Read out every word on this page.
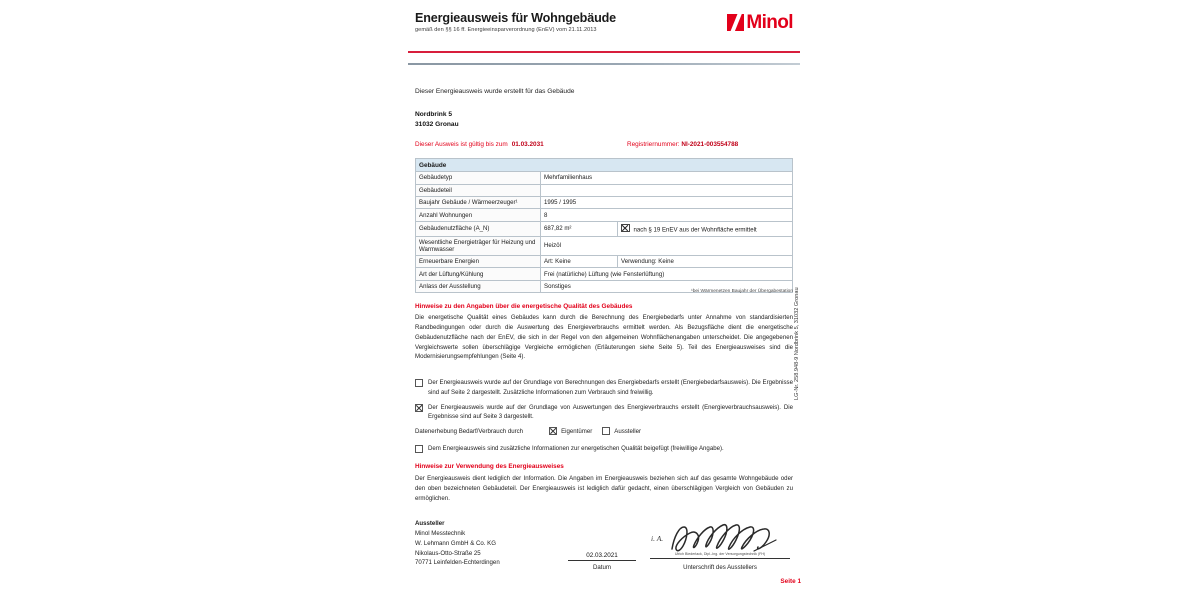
Energieausweis für Wohngebäude
gemäß den §§ 16 ff. Energieeinsparverordnung (EnEV) vom 21.11.2013	Minol
Dieser Energieausweis wurde erstellt für das Gebäude
Nordbrink 5
31032 Gronau
Dieser Ausweis ist gültig bis zum 01.03.2031	Registriernummer: NI-2021-003554788
Gebäude		
Gebäudetyp	Mehrfamilienhaus	
Gebäudeteil		
Baujahr Gebäude / Wärmeerzeuger¹	1995 / 1995	
Anzahl Wohnungen	8	
Gebäudenutzfläche (A_N)	687,82 m²	nach § 19 EnEV aus der Wohnfläche ermittelt
Wesentliche Energieträger für Heizung und Warmwasser	Heizöl	
Erneuerbare Energien	Art: Keine	Verwendung: Keine
Art der Lüftung/Kühlung	Frei (natürliche) Lüftung (wie Fensterlüftung)	
Anlass der Ausstellung	Sonstiges	
¹bei Wärmenetzen Baujahr der Übergabestation
Hinweise zu den Angaben über die energetische Qualität des Gebäudes
Die energetische Qualität eines Gebäudes kann durch die Berechnung des Energiebedarfs unter Annahme von standardisierten Randbedingungen oder durch die Auswertung des Energieverbrauchs ermittelt werden. Als Bezugsfläche dient die energetische Gebäudenutzfläche nach der EnEV, die sich in der Regel von den allgemeinen Wohnflächenangaben unterscheidet. Die angegebenen Vergleichswerte sollen überschlägige Vergleiche ermöglichen (Erläuterungen siehe Seite 5). Teil des Energieausweises sind die Modernisierungsempfehlungen (Seite 4).
Der Energieausweis wurde auf der Grundlage von Berechnungen des Energiebedarfs erstellt (Energiebedarfsausweis). Die Ergebnisse sind auf Seite 2 dargestellt. Zusätzliche Informationen zum Verbrauch sind freiwillig.
Der Energieausweis wurde auf der Grundlage von Auswertungen des Energieverbrauchs erstellt (Energieverbrauchsausweis). Die Ergebnisse sind auf Seite 3 dargestellt.
Datenerhebung Bedarf/Verbrauch durch	Eigentümer	Aussteller
Dem Energieausweis sind zusätzliche Informationen zur energetischen Qualität beigefügt (freiwillige Angabe).
Hinweise zur Verwendung des Energieausweises
Der Energieausweis dient lediglich der Information. Die Angaben im Energieausweis beziehen sich auf das gesamte Wohngebäude oder den oben bezeichneten Gebäudeteil. Der Energieausweis ist lediglich dafür gedacht, einen überschlägigen Vergleich von Gebäuden zu ermöglichen.
Aussteller
Minol Messtechnik
W. Lehmann GmbH & Co. KG
Nikolaus-Otto-Straße 25
70771 Leinfelden-Echterdingen
02.03.2021
Datum
i. A.
Ulrich Biederlack, Dipl.-Ing. der Versorgungstechnik (FH)
Unterschrift des Ausstellers
Seite 1
LG-Nr. 258.948-9 Nordbrink 5, 31032 Gronau
